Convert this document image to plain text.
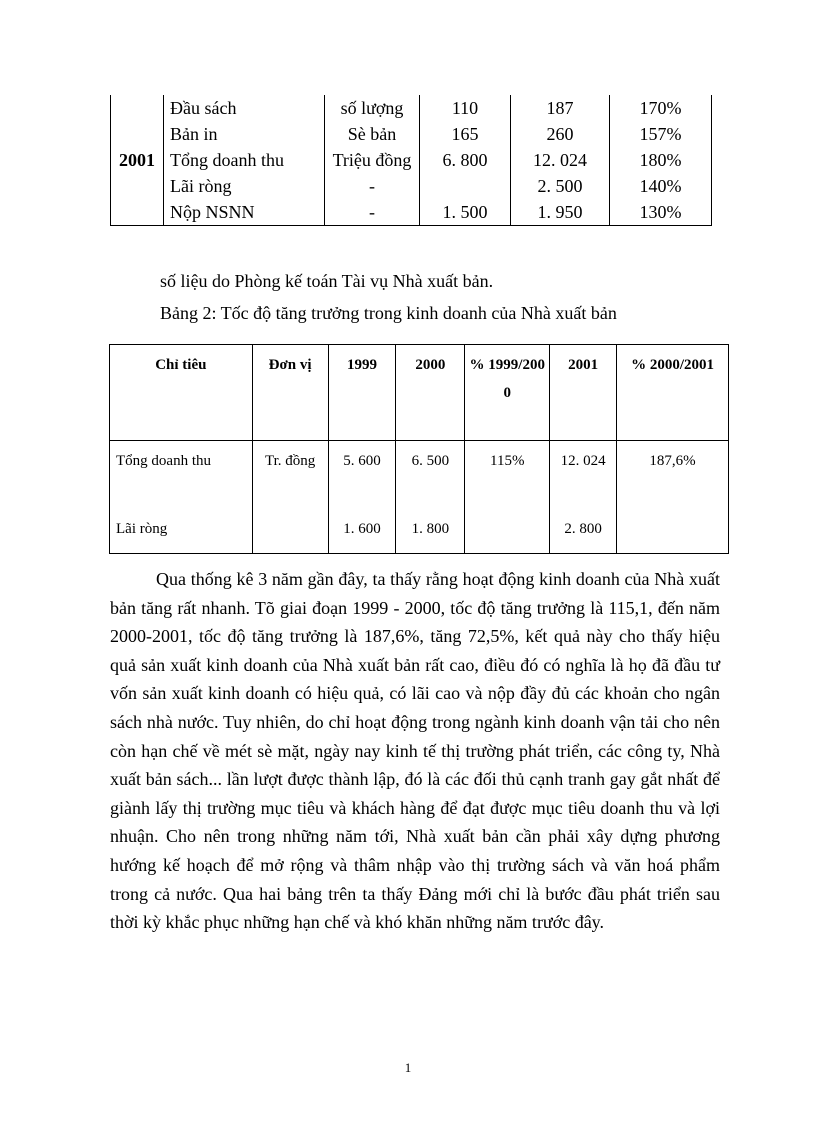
2001	Đầu sách	số lượng	110	187	170%
	Bản in	Sè bản	165	260	157%
	Tổng doanh thu	Triệu đồng	6. 800	12. 024	180%
	Lãi ròng	-		2. 500	140%
	Nộp NSNN	-	1. 500	1. 950	130%
số liệu do Phòng kế toán Tài vụ Nhà xuất bản.
Bảng 2: Tốc độ tăng trưởng trong kinh doanh của Nhà xuất bản
Chỉ tiêu	Đơn vị	1999	2000	% 1999/2000	2001	% 2000/2001
Tổng doanh thu	Tr. đồng	5. 600	6. 500	115%	12. 024	187,6%
Lãi ròng		1. 600	1. 800		2. 800	

Qua thống kê 3 năm gần đây, ta thấy rằng hoạt động kinh doanh của Nhà xuất bản tăng rất nhanh. Tõ giai đoạn 1999 - 2000, tốc độ tăng trưởng là 115,1, đến năm 2000-2001, tốc độ tăng trưởng là 187,6%, tăng 72,5%, kết quả này cho thấy hiệu quả sản xuất kinh doanh của Nhà xuất bản rất cao, điều đó có nghĩa là họ đã đầu tư vốn sản xuất kinh doanh có hiệu quả, có lãi cao và nộp đầy đủ các khoản cho ngân sách nhà nước. Tuy nhiên, do chỉ hoạt động trong ngành kinh doanh vận tải cho nên còn hạn chế về mét sè mặt, ngày nay kinh tế thị trường phát triển, các công ty, Nhà xuất bản sách... lần lượt được thành lập, đó là các đối thủ cạnh tranh gay gắt nhất để giành lấy thị trường mục tiêu và khách hàng để đạt được mục tiêu doanh thu và lợi nhuận. Cho nên trong những năm tới, Nhà xuất bản cần phải xây dựng phương hướng kế hoạch để mở rộng và thâm nhập vào thị trường sách và văn hoá phẩm trong cả nước. Qua hai bảng trên ta thấy Đảng mới chỉ là bước đầu phát triển sau thời kỳ khắc phục những hạn chế và khó khăn những năm trước đây.

1
